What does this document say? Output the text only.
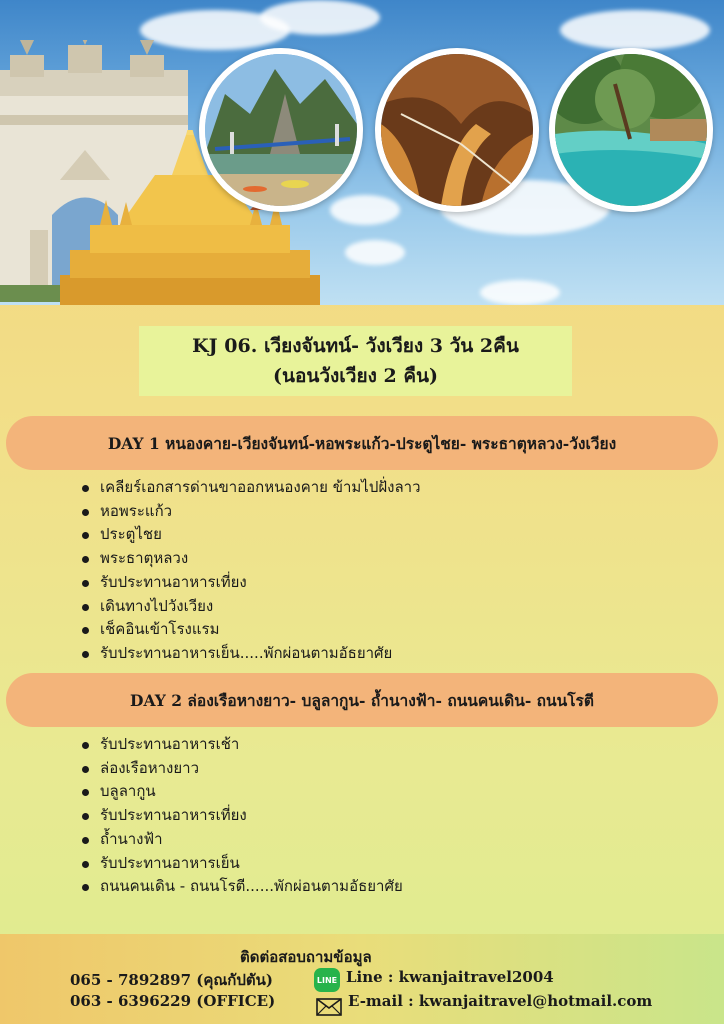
KJ 06. เวียงจันทน์- วังเวียง 3 วัน 2คืน
(นอนวังเวียง 2 คืน)
DAY 1 หนองคาย-เวียงจันทน์-หอพระแก้ว-ประตูไชย- พระธาตุหลวง-วังเวียง
เคลียร์เอกสารด่านขาออกหนองคาย ข้ามไปฝั่งลาว
หอพระแก้ว
ประตูไชย
พระธาตุหลวง
รับประทานอาหารเที่ยง
เดินทางไปวังเวียง
เช็คอินเข้าโรงแรม
รับประทานอาหารเย็น.....พักผ่อนตามอัธยาศัย
DAY 2 ล่องเรือหางยาว- บลูลากูน- ถ้ำนางฟ้า- ถนนคนเดิน- ถนนโรตี
รับประทานอาหารเช้า
ล่องเรือหางยาว
บลูลากูน
รับประทานอาหารเที่ยง
ถ้ำนางฟ้า
รับประทานอาหารเย็น
ถนนคนเดิน - ถนนโรตี......พักผ่อนตามอัธยาศัย
ติดต่อสอบถามข้อมูล
065 - 7892897 (คุณกัปตัน)
063 - 6396229 (OFFICE)
LINE Line : kwanjaitravel2004
E-mail : kwanjaitravel@hotmail.com
